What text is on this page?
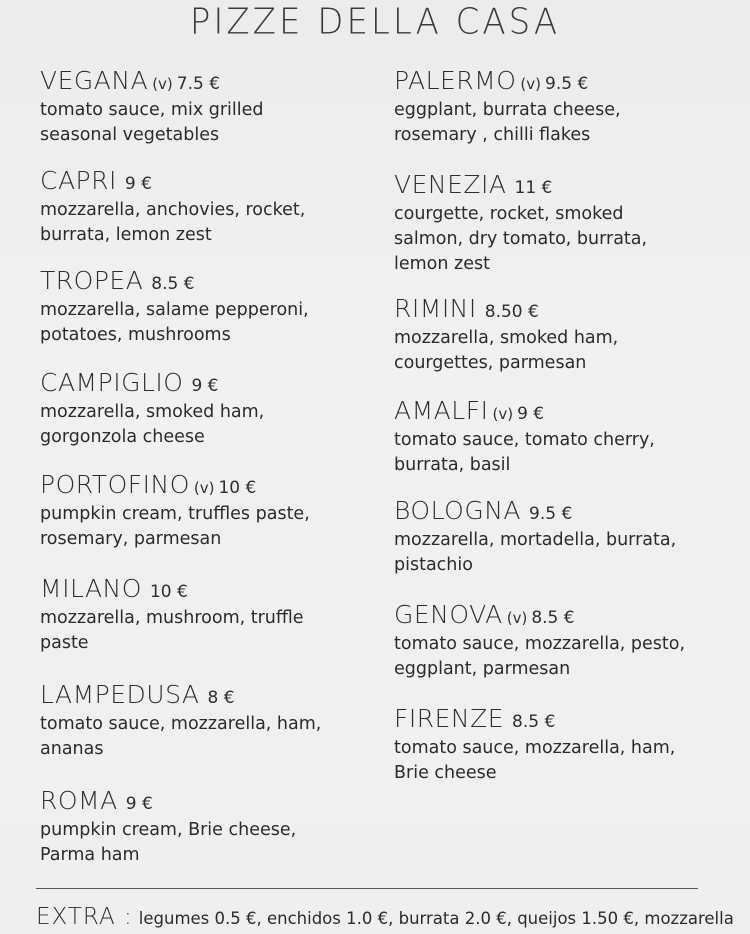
PIZZE DELLA CASA
VEGANA (v) 7.5 €
tomato sauce, mix grilled
seasonal vegetables
CAPRI 9 €
mozzarella, anchovies, rocket,
burrata, lemon zest
TROPEA 8.5 €
mozzarella, salame pepperoni,
potatoes, mushrooms
CAMPIGLIO 9 €
mozzarella, smoked ham,
gorgonzola cheese
PORTOFINO (v) 10 €
pumpkin cream, truffles paste,
rosemary, parmesan
MILANO 10 €
mozzarella, mushroom, truffle
paste
LAMPEDUSA 8 €
tomato sauce, mozzarella, ham,
ananas
ROMA 9 €
pumpkin cream, Brie cheese,
Parma ham
PALERMO (v) 9.5 €
eggplant, burrata cheese,
rosemary , chilli flakes
VENEZIA 11 €
courgette, rocket, smoked
salmon, dry tomato, burrata,
lemon zest
RIMINI 8.50 €
mozzarella, smoked ham,
courgettes, parmesan
AMALFI (v) 9 €
tomato sauce, tomato cherry,
burrata, basil
BOLOGNA 9.5 €
mozzarella, mortadella, burrata,
pistachio
GENOVA (v) 8.5 €
tomato sauce, mozzarella, pesto,
eggplant, parmesan
FIRENZE 8.5 €
tomato sauce, mozzarella, ham,
Brie cheese
EXTRA : legumes 0.5 €, enchidos 1.0 €, burrata 2.0 €, queijos 1.50 €, mozzarella
